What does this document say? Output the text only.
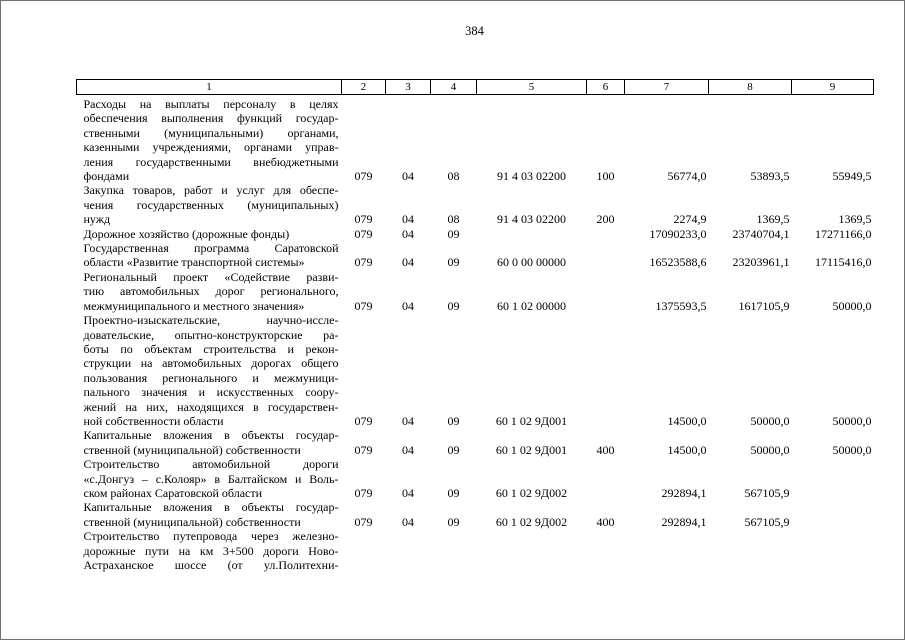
384
1	2	3	4	5	6	7	8	9

Расходы на выплаты персоналу в целях
обеспечения выполнения функций государ-
ственными (муниципальными) органами,
казенными учреждениями, органами управ-
ления государственными внебюджетными
фондами	079	04	08	91 4 03 02200	100	56774,0	53893,5	55949,5

Закупка товаров, работ и услуг для обеспе-
чения государственных (муниципальных)
нужд	079	04	08	91 4 03 02200	200	2274,9	1369,5	1369,5

Дорожное хозяйство (дорожные фонды)	079	04	09			17090233,0	23740704,1	17271166,0

Государственная программа Саратовской
области «Развитие транспортной системы»	079	04	09	60 0 00 00000		16523588,6	23203961,1	17115416,0

Региональный проект «Содействие разви-
тию автомобильных дорог регионального,
межмуниципального и местного значения»	079	04	09	60 1 02 00000		1375593,5	1617105,9	50000,0

Проектно-изыскательские, научно-иссле-
довательские, опытно-конструкторские ра-
боты по объектам строительства и рекон-
струкции на автомобильных дорогах общего
пользования регионального и межмуници-
пального значения и искусственных соору-
жений на них, находящихся в государствен-
ной собственности области	079	04	09	60 1 02 9Д001		14500,0	50000,0	50000,0

Капитальные вложения в объекты государ-
ственной (муниципальной) собственности	079	04	09	60 1 02 9Д001	400	14500,0	50000,0	50000,0

Строительство автомобильной дороги
«с.Донгуз – с.Колояр» в Балтайском и Воль-
ском районах Саратовской области	079	04	09	60 1 02 9Д002		292894,1	567105,9	

Капитальные вложения в объекты государ-
ственной (муниципальной) собственности	079	04	09	60 1 02 9Д002	400	292894,1	567105,9	

Строительство путепровода через железно-
дорожные пути на км 3+500 дороги Ново-
Астраханское шоссе (от ул.Политехни-								
